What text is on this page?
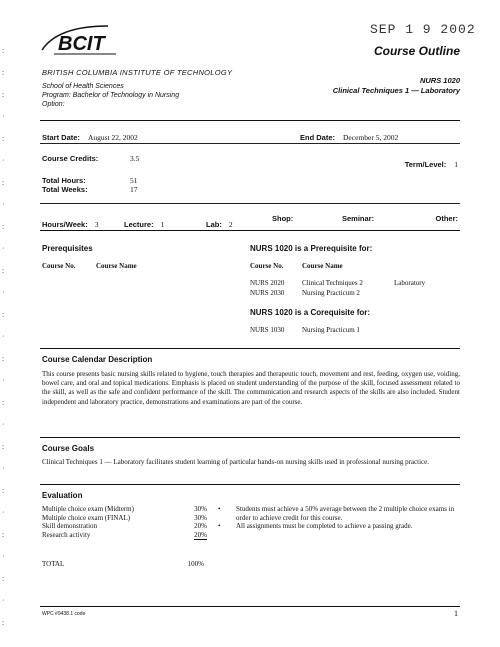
:
:
:
·
:
·
:
·
:
·
:
·
:
·
:
·
:
·
:
·
:
·
:
·
:
·
:
BCIT
SEP 1 9 2002
Course Outline
BRITISH COLUMBIA INSTITUTE OF TECHNOLOGY
School of Health Sciences
Program: Bachelor of Technology in Nursing
Option:
NURS 1020
Clinical Techniques 1 — Laboratory
Start Date: August 22, 2002	End Date: December 5, 2002
Course Credits:	3.5
Term/Level: 1
Total Hours:	51
Total Weeks:	17
Hours/Week: 3	Lecture: 1	Lab: 2
Shop:	Seminar:	Other:
Prerequisites
Course No.	Course Name
NURS 1020 is a Prerequisite for:
Course No.	Course Name
NURS 2020	Clinical Techniques 2	Laboratory
NURS 2030	Nursing Practicum 2
NURS 1020 is a Corequisite for:
NURS 1030	Nursing Practicum 1
Course Calendar Description
This course presents basic nursing skills related to hygiene, touch therapies and therapeutic touch, movement and rest, feeding, oxygen use, voiding, bowel care, and oral and topical medications. Emphasis is placed on student understanding of the purpose of the skill, focused assessment related to the skill, as well as the safe and confident performance of the skill. The communication and research aspects of the skills are also included. Student independent and laboratory practice, demonstrations and examinations are part of the course.
Course Goals
Clinical Techniques 1 — Laboratory facilitates student learning of particular hands-on nursing skills used in professional nursing practice.
Evaluation
Multiple choice exam (Midterm)	30%
Multiple choice exam (FINAL)	30%
Skill demonstration	20%
Research activity	20%
TOTAL	100%
•	Students must achieve a 50% average between the 2 multiple choice exams in order to achieve credit for this course.
•	All assignments must be completed to achieve a passing grade.
WPC #9438.1 code	1
